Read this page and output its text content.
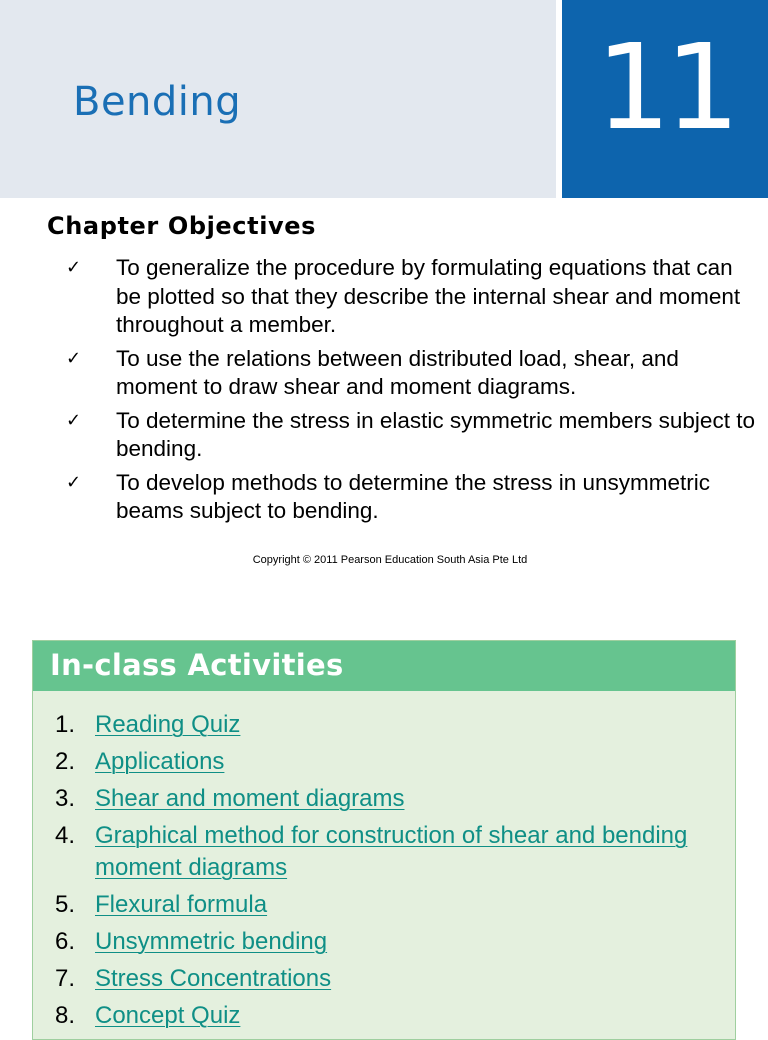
Bending	11
Chapter Objectives
✓	To generalize the procedure by formulating equations that can be plotted so that they describe the internal shear and moment throughout a member.
✓	To use the relations between distributed load, shear, and moment to draw shear and moment diagrams.
✓	To determine the stress in elastic symmetric members subject to bending.
✓	To develop methods to determine the stress in unsymmetric beams subject to bending.
Copyright © 2011 Pearson Education South Asia Pte Ltd
In-class Activities
1. Reading Quiz
2. Applications
3. Shear and moment diagrams
4. Graphical method for construction of shear and bending moment diagrams
5. Flexural formula
6. Unsymmetric bending
7. Stress Concentrations
8. Concept Quiz
